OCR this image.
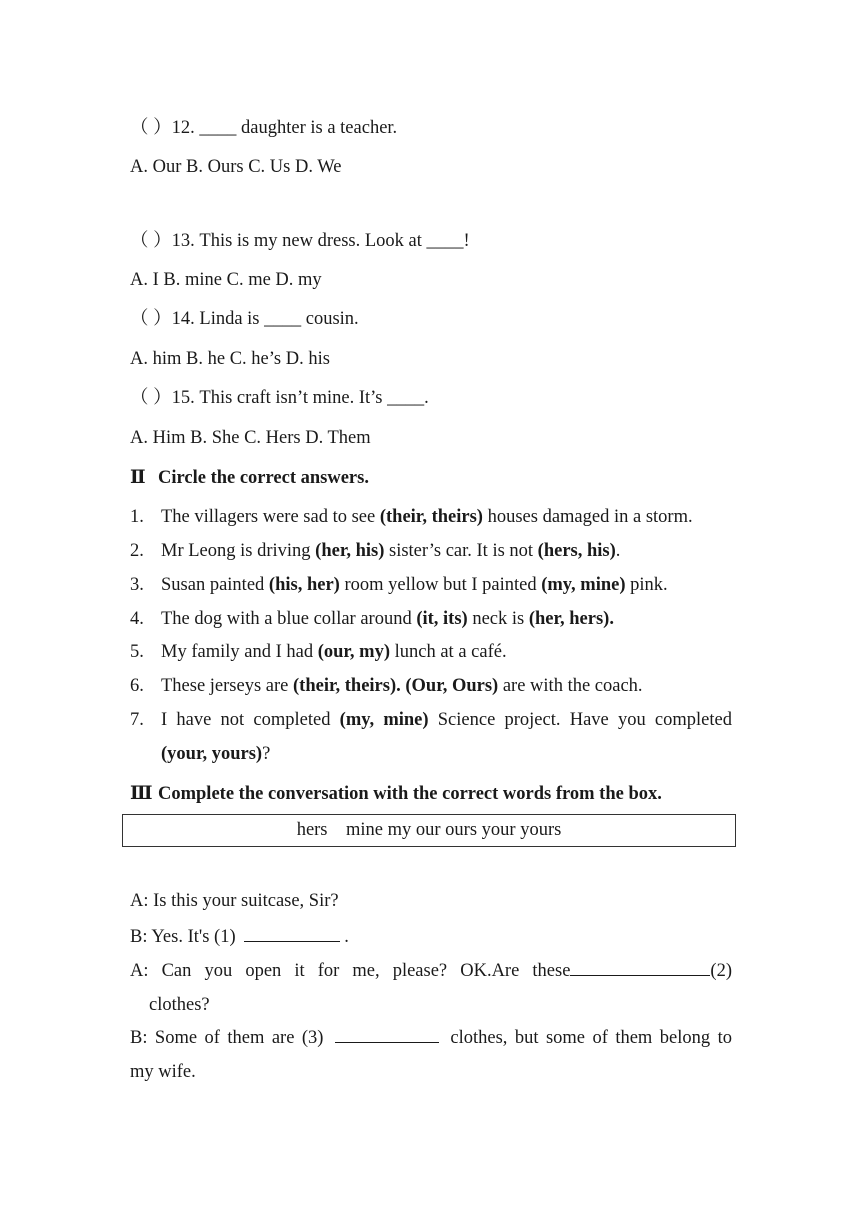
（ ）12. ____ daughter is a teacher.
A. Our B. Ours C. Us D. We
（ ）13. This is my new dress. Look at ____!
A. I B. mine C. me D. my
（ ）14. Linda is ____ cousin.
A. him B. he C. he’s D. his
（ ）15. This craft isn’t mine. It’s ____.
A. Him B. She C. Hers D. Them
Ⅱ Circle the correct answers.
1. The villagers were sad to see (their, theirs) houses damaged in a storm.
2. Mr Leong is driving (her, his) sister’s car. It is not (hers, his).
3. Susan painted (his, her) room yellow but I painted (my, mine) pink.
4. The dog with a blue collar around (it, its) neck is (her, hers).
5. My family and I had (our, my) lunch at a café.
6. These jerseys are (their, theirs). (Our, Ours) are with the coach.
7. I have not completed (my, mine) Science project. Have you completed
(your, yours)?
Ⅲ Complete the conversation with the correct words from the box.
hers    mine my our ours your yours
A: Is this your suitcase, Sir?
B: Yes. It's (1)	.
A: Can you open it for me, please? OK.Are these	(2)
clothes?
B: Some of them are (3)	clothes, but some of them belong to
my wife.
